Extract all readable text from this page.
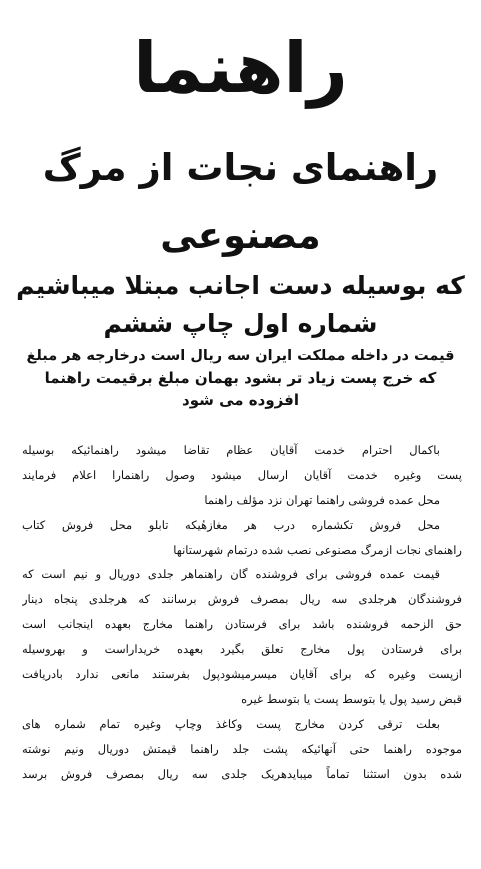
راهنما
راهنمای نجات از مرگ
مصنوعی

که بوسیله دست اجانب مبتلا میباشیم

شماره اول چاپ ششم

قیمت در داخله مملکت ایران سه ریال است درخارجه هر مبلغ
که خرج پست زیاد تر بشود بهمان مبلغ برقیمت راهنما
افزوده می شود
باکمال احترام خدمت آقایان عظام تقاضا میشود راهنمائیکه بوسیله
پست وغیره خدمت آقایان ارسال میشود وصول راهنمارا اعلام فرمایند
محل عمده فروشی راهنما تهران نزد مؤلف راهنما
محل فروش تکشماره درب هر مغازهٔیکه تابلو محل فروش کتاب
راهنمای نجات ازمرگ مصنوعی نصب شده درتمام شهرستانها
قیمت عمده فروشی برای فروشنده گان راهنماهر جلدی دوریال و نیم است که
فروشندگان هرجلدی سه ریال بمصرف فروش برسانند که هرجلدی پنجاه دینار
حق الزحمه فروشنده باشد برای فرستادن راهنما مخارج بعهده اینجانب است
برای فرستادن پول مخارج تعلق بگیرد بعهده خریداراست و بهروسیله
ازپست وغیره که برای آقایان میسرمیشودپول بفرستند مانعی ندارد بادریافت
قبض رسید پول یا بتوسط پست یا بتوسط غیره
بعلت ترقی کردن مخارج پست وکاغذ وچاپ وغیره تمام شماره های
موجوده راهنما حتی آنهائیکه پشت جلد راهنما قیمتش دوریال ونیم نوشته
شده بدون استثنا تماماً میبایدهریک جلدی سه ریال بمصرف فروش برسد
